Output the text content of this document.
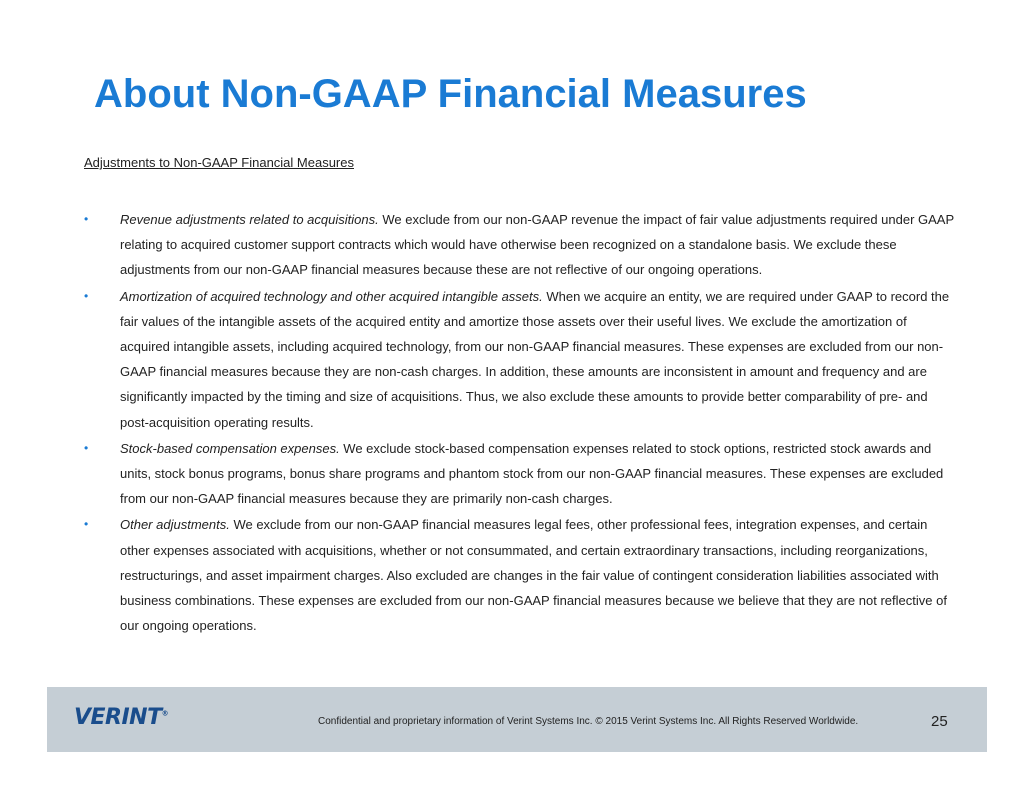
About Non-GAAP Financial Measures
Adjustments to Non-GAAP Financial Measures
• Revenue adjustments related to acquisitions. We exclude from our non-GAAP revenue the impact of fair value adjustments required under GAAP relating to acquired customer support contracts which would have otherwise been recognized on a standalone basis. We exclude these adjustments from our non-GAAP financial measures because these are not reflective of our ongoing operations.
• Amortization of acquired technology and other acquired intangible assets. When we acquire an entity, we are required under GAAP to record the fair values of the intangible assets of the acquired entity and amortize those assets over their useful lives. We exclude the amortization of acquired intangible assets, including acquired technology, from our non-GAAP financial measures. These expenses are excluded from our non-GAAP financial measures because they are non-cash charges. In addition, these amounts are inconsistent in amount and frequency and are significantly impacted by the timing and size of acquisitions. Thus, we also exclude these amounts to provide better comparability of pre- and post-acquisition operating results.
• Stock-based compensation expenses. We exclude stock-based compensation expenses related to stock options, restricted stock awards and units, stock bonus programs, bonus share programs and phantom stock from our non-GAAP financial measures. These expenses are excluded from our non-GAAP financial measures because they are primarily non-cash charges.
• Other adjustments. We exclude from our non-GAAP financial measures legal fees, other professional fees, integration expenses, and certain other expenses associated with acquisitions, whether or not consummated, and certain extraordinary transactions, including reorganizations, restructurings, and asset impairment charges. Also excluded are changes in the fair value of contingent consideration liabilities associated with business combinations. These expenses are excluded from our non-GAAP financial measures because we believe that they are not reflective of our ongoing operations.
VERINT®
Confidential and proprietary information of Verint Systems Inc. © 2015 Verint Systems Inc. All Rights Reserved Worldwide.	25
